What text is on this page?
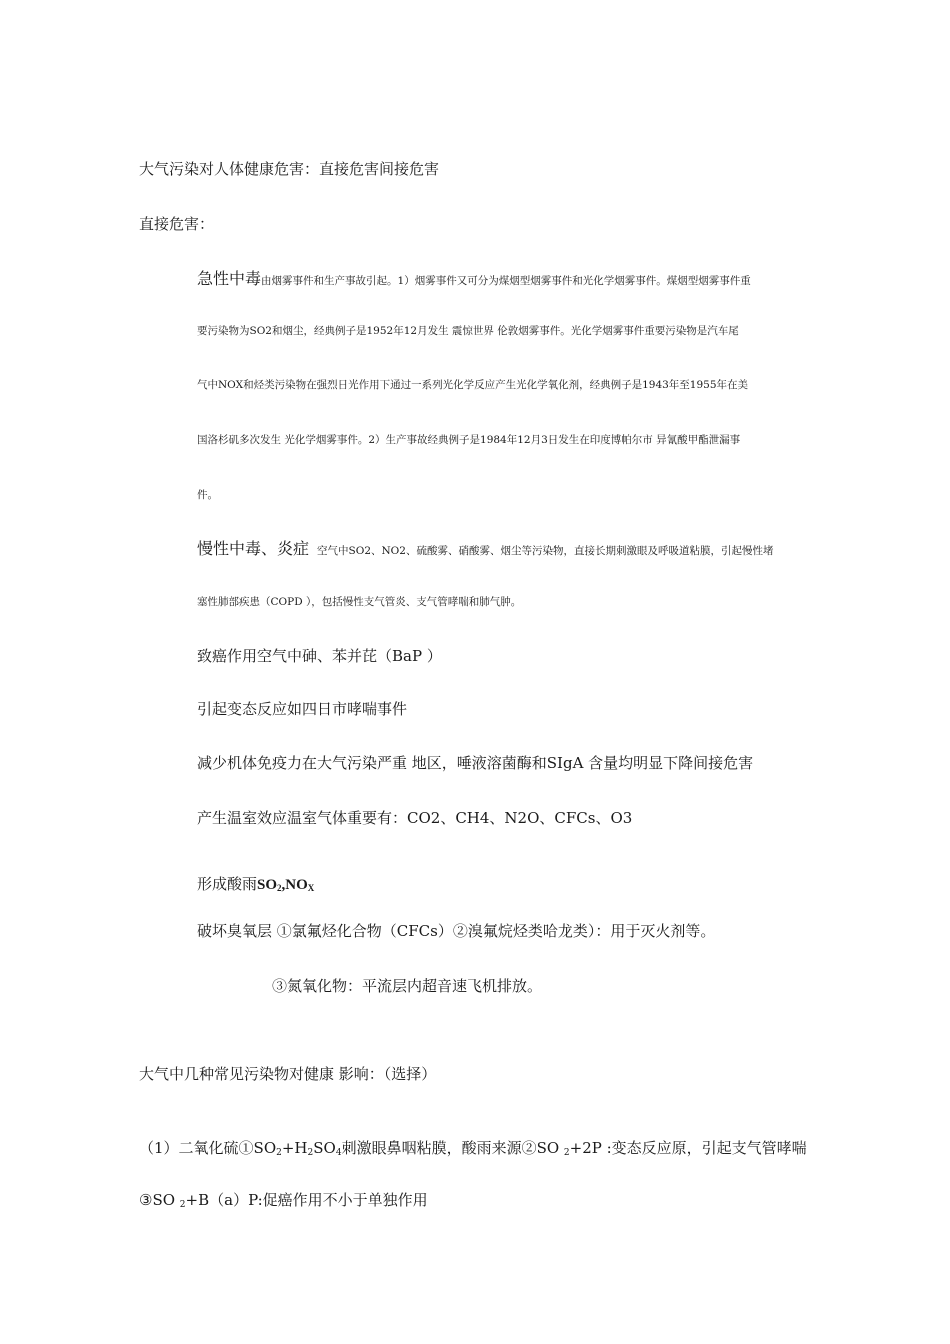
大气污染对人体健康危害：直接危害间接危害
直接危害：
急性中毒由烟雾事件和生产事故引起。1）烟雾事件又可分为煤烟型烟雾事件和光化学烟雾事件。煤烟型烟雾事件重
要污染物为SO2和烟尘，经典例子是1952年12月发生 震惊世界 伦敦烟雾事件。光化学烟雾事件重要污染物是汽车尾
气中NOX和烃类污染物在强烈日光作用下通过一系列光化学反应产生光化学氧化剂，经典例子是1943年至1955年在美
国洛杉矶多次发生 光化学烟雾事件。2）生产事故经典例子是1984年12月3日发生在印度博帕尔市 异氰酸甲酯泄漏事
件。
慢性中毒、炎症 空气中SO2、NO2、硫酸雾、硝酸雾、烟尘等污染物，直接长期刺激眼及呼吸道粘膜，引起慢性堵
塞性肺部疾患（COPD ），包括慢性支气管炎、支气管哮喘和肺气肿。
致癌作用空气中砷、苯并芘（BaP ）
引起变态反应如四日市哮喘事件
减少机体免疫力在大气污染严重 地区，唾液溶菌酶和SIgA 含量均明显下降间接危害
产生温室效应温室气体重要有：CO2、CH4、N2O、CFCs、O3
形成酸雨$SO_2,NO_X$
破坏臭氧层 ①氯氟烃化合物（CFCs）②溴氟烷烃类哈龙类）：用于灭火剂等。
③氮氧化物：平流层内超音速飞机排放。
大气中几种常见污染物对健康 影响：（选择）
（1）二氧化硫$①SO_2+H_2SO_4$刺激眼鼻咽粘膜，酸雨来源②SO $_2$+2P :变态反应原，引起支气管哮喘
③SO $_2$+B（a）P:促癌作用不小于单独作用
